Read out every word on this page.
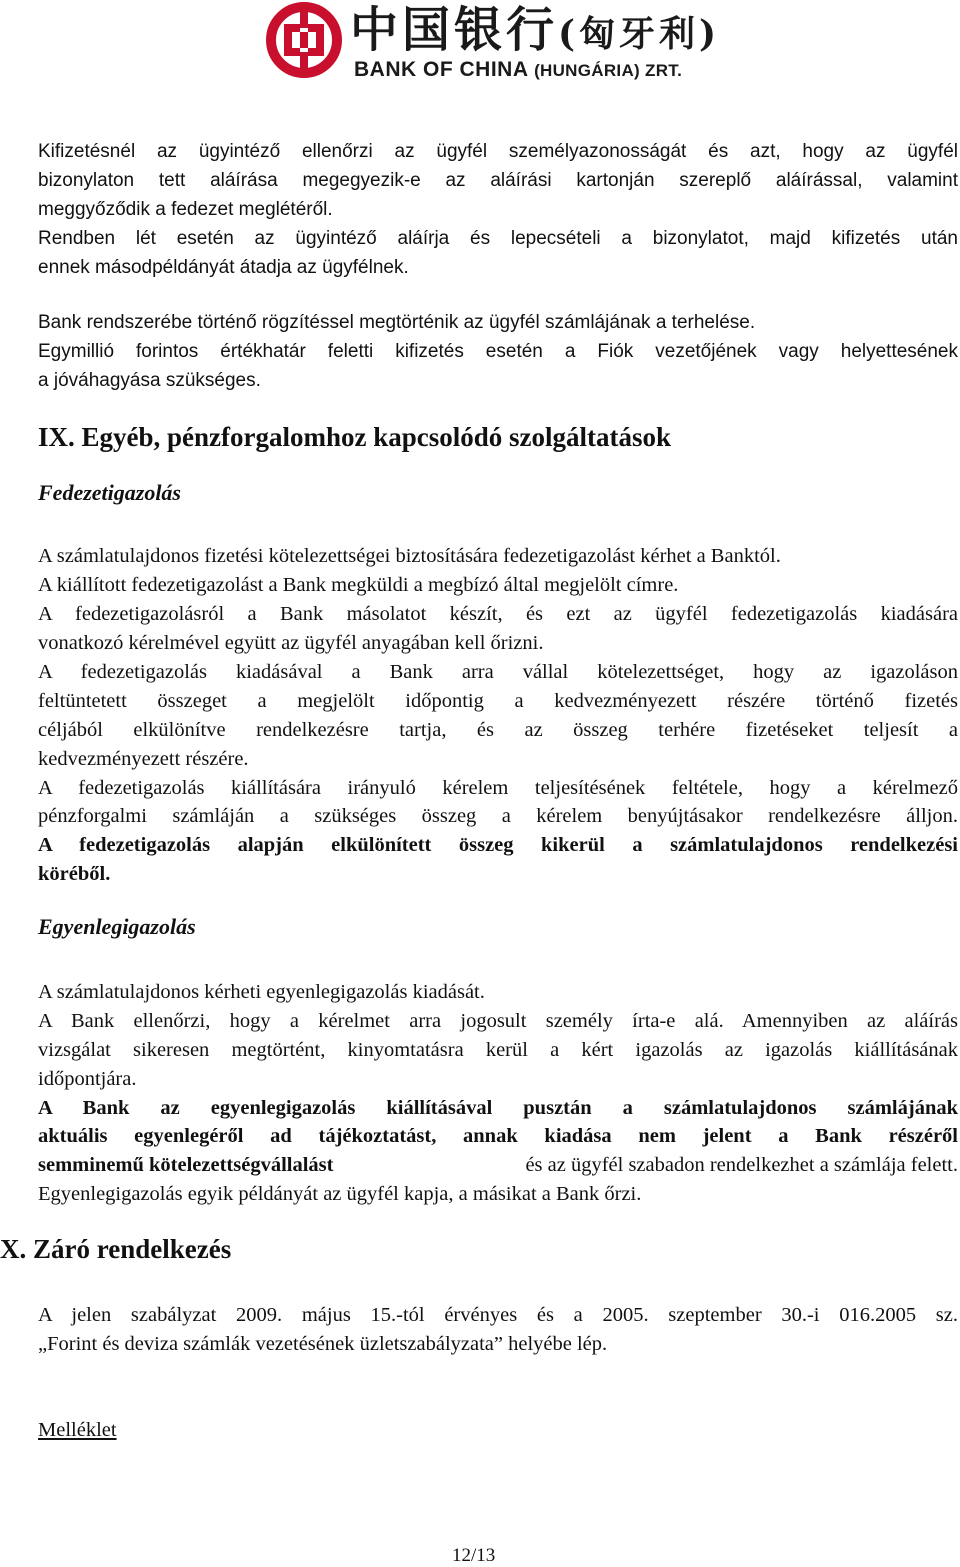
中国银行(匈牙利)
BANK OF CHINA (HUNGÁRIA) ZRT.

Kifizetésnél az ügyintéző ellenőrzi az ügyfél személyazonosságát és azt, hogy az ügyfél

bizonylaton tett aláírása megegyezik-e az aláírási kartonján szereplő aláírással, valamint

meggyőződik a fedezet meglétéről.

Rendben lét esetén az ügyintéző aláírja és lepecsételi a bizonylatot, majd kifizetés után

ennek másodpéldányát átadja az ügyfélnek.

Bank rendszerébe történő rögzítéssel megtörténik az ügyfél számlájának a terhelése.

Egymillió forintos értékhatár feletti kifizetés esetén a Fiók vezetőjének vagy helyettesének

a jóváhagyása szükséges.

IX. Egyéb, pénzforgalomhoz kapcsolódó szolgáltatások
Fedezetigazolás

A számlatulajdonos fizetési kötelezettségei biztosítására fedezetigazolást kérhet a Banktól.

A kiállított fedezetigazolást a Bank megküldi a megbízó által megjelölt címre.

A fedezetigazolásról a Bank másolatot készít, és ezt az ügyfél fedezetigazolás kiadására

vonatkozó kérelmével együtt az ügyfél anyagában kell őrizni.

A fedezetigazolás kiadásával a Bank arra vállal kötelezettséget, hogy az igazoláson

feltüntetett összeget a megjelölt időpontig a kedvezményezett részére történő fizetés

céljából elkülönítve rendelkezésre tartja, és az összeg terhére fizetéseket teljesít a

kedvezményezett részére.

A fedezetigazolás kiállítására irányuló kérelem teljesítésének feltétele, hogy a kérelmező

pénzforgalmi számláján a szükséges összeg a kérelem benyújtásakor rendelkezésre álljon.

A fedezetigazolás alapján elkülönített összeg kikerül a számlatulajdonos rendelkezési

köréből.

Egyenlegigazolás

A számlatulajdonos kérheti egyenlegigazolás kiadását.

A Bank ellenőrzi, hogy a kérelmet arra jogosult személy írta-e alá. Amennyiben az aláírás

vizsgálat sikeresen megtörtént, kinyomtatásra kerül a kért igazolás az igazolás kiállításának

időpontjára.

A Bank az egyenlegigazolás kiállításával pusztán a számlatulajdonos számlájának

aktuális egyenlegéről ad tájékoztatást, annak kiadása nem jelent a Bank részéről

semminemű kötelezettségvállalást	és az ügyfél szabadon rendelkezhet a számlája felett.

Egyenlegigazolás egyik példányát az ügyfél kapja, a másikat a Bank őrzi.

X. Záró rendelkezés

A jelen szabályzat 2009. május 15.-tól érvényes és a 2005. szeptember 30.-i 016.2005 sz.

„Forint és deviza számlák vezetésének üzletszabályzata” helyébe lép.

Melléklet
12/13
